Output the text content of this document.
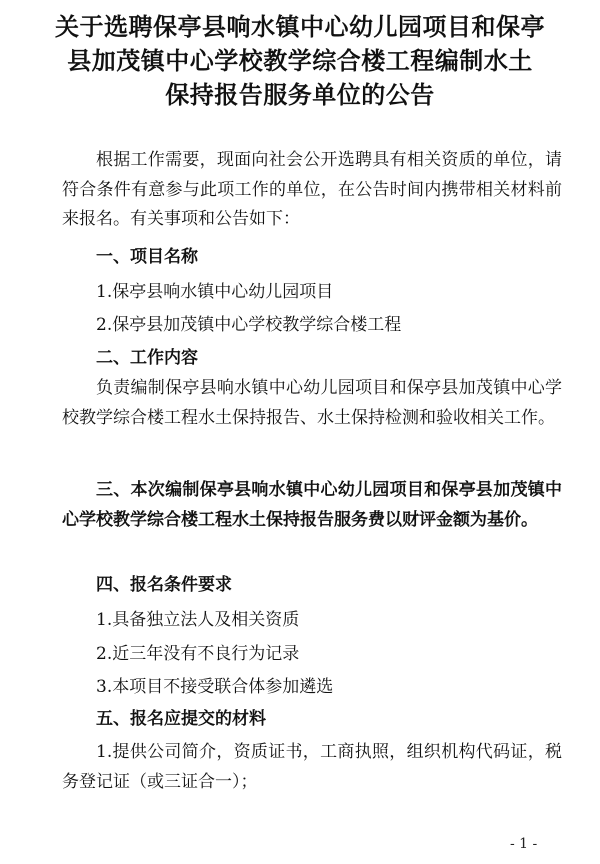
关于选聘保亭县响水镇中心幼儿园项目和保亭
县加茂镇中心学校教学综合楼工程编制水土
保持报告服务单位的公告

根据工作需要，现面向社会公开选聘具有相关资质的单位，请符合条件有意参与此项工作的单位，在公告时间内携带相关材料前来报名。有关事项和公告如下：

一、项目名称

1.保亭县响水镇中心幼儿园项目

2.保亭县加茂镇中心学校教学综合楼工程

二、工作内容

负责编制保亭县响水镇中心幼儿园项目和保亭县加茂镇中心学校教学综合楼工程水土保持报告、水土保持检测和验收相关工作。

三、本次编制保亭县响水镇中心幼儿园项目和保亭县加茂镇中心学校教学综合楼工程水土保持报告服务费以财评金额为基价。

四、报名条件要求

1.具备独立法人及相关资质

2.近三年没有不良行为记录

3.本项目不接受联合体参加遴选

五、报名应提交的材料

1.提供公司简介，资质证书，工商执照，组织机构代码证，税务登记证（或三证合一）；

- 1 -
